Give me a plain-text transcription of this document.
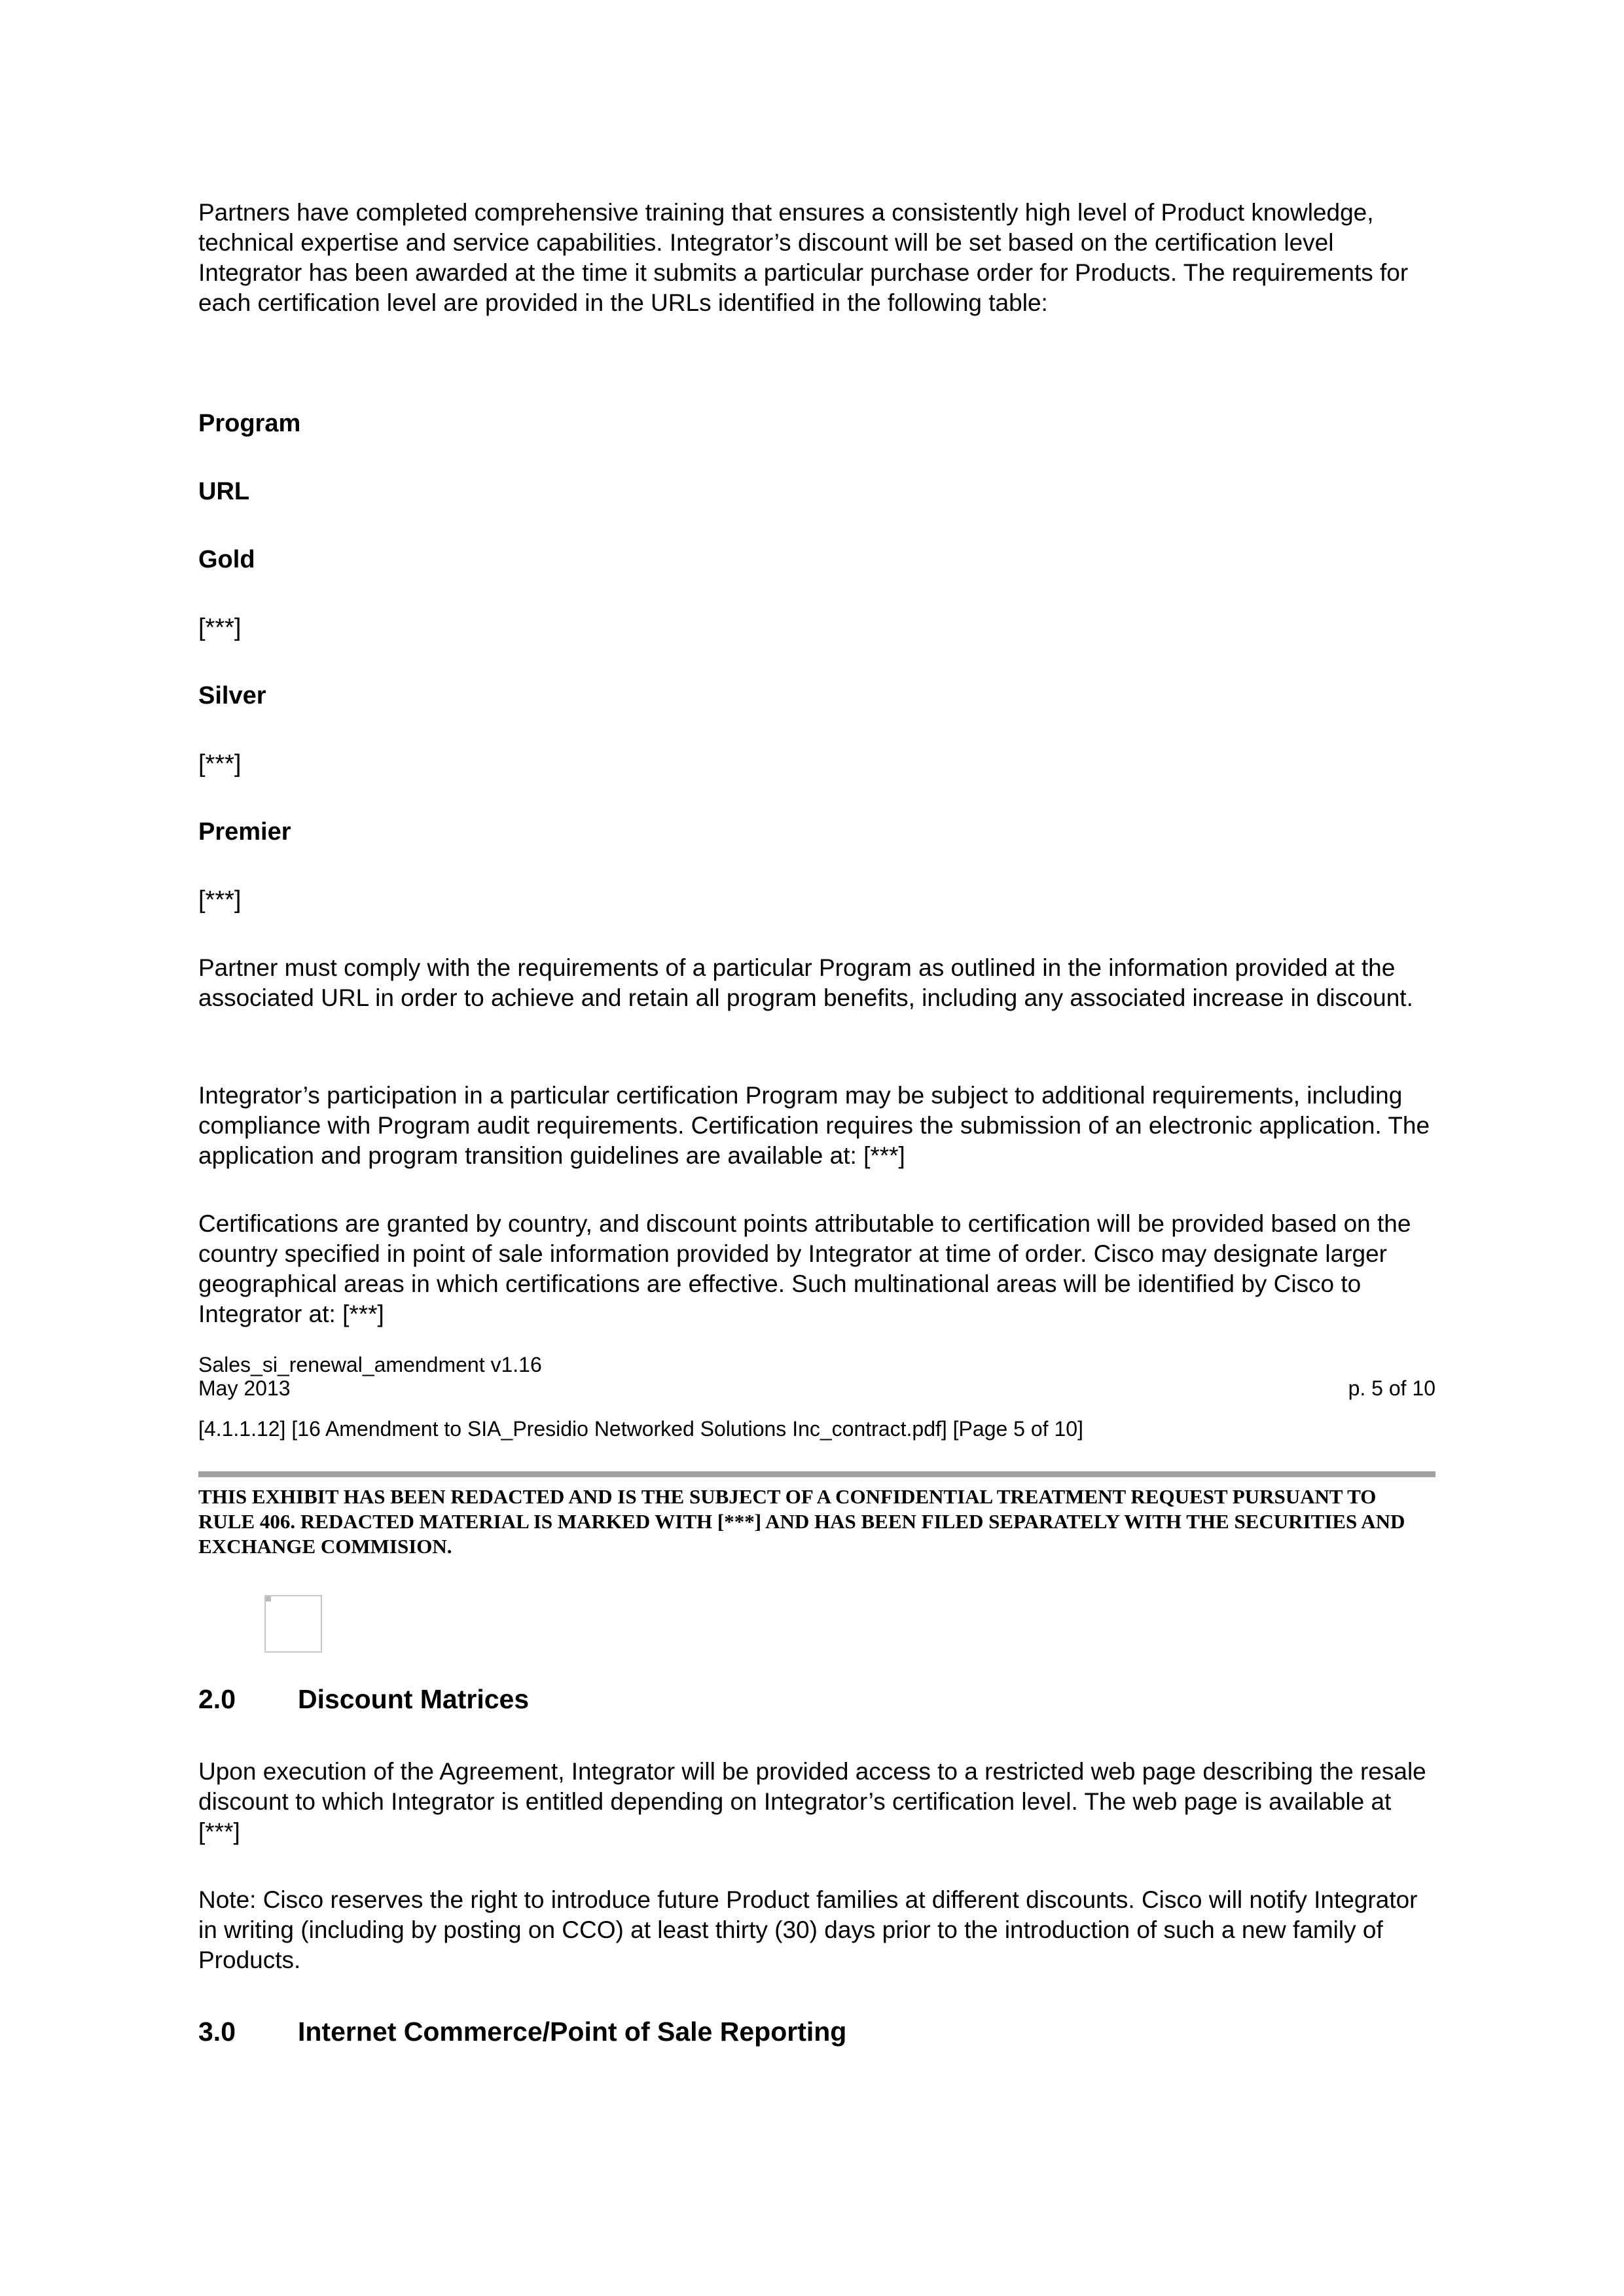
Partners have completed comprehensive training that ensures a consistently high level of Product knowledge, technical expertise and service capabilities. Integrator’s discount will be set based on the certification level Integrator has been awarded at the time it submits a particular purchase order for Products. The requirements for each certification level are provided in the URLs identified in the following table:

Program

URL

Gold

[***]

Silver

[***]

Premier

[***]

Partner must comply with the requirements of a particular Program as outlined in the information provided at the associated URL in order to achieve and retain all program benefits, including any associated increase in discount.

Integrator’s participation in a particular certification Program may be subject to additional requirements, including compliance with Program audit requirements. Certification requires the submission of an electronic application. The application and program transition guidelines are available at: [***]

Certifications are granted by country, and discount points attributable to certification will be provided based on the country specified in point of sale information provided by Integrator at time of order. Cisco may designate larger geographical areas in which certifications are effective. Such multinational areas will be identified by Cisco to Integrator at: [***]

Sales_si_renewal_amendment v1.16

May 2013	p. 5 of 10

[4.1.1.12] [16 Amendment to SIA_Presidio Networked Solutions Inc_contract.pdf] [Page 5 of 10]

THIS EXHIBIT HAS BEEN REDACTED AND IS THE SUBJECT OF A CONFIDENTIAL TREATMENT REQUEST PURSUANT TO RULE 406. REDACTED MATERIAL IS MARKED WITH [***] AND HAS BEEN FILED SEPARATELY WITH THE SECURITIES AND EXCHANGE COMMISION.

2.0 Discount Matrices

Upon execution of the Agreement, Integrator will be provided access to a restricted web page describing the resale discount to which Integrator is entitled depending on Integrator’s certification level. The web page is available at [***]

Note: Cisco reserves the right to introduce future Product families at different discounts. Cisco will notify Integrator in writing (including by posting on CCO) at least thirty (30) days prior to the introduction of such a new family of Products.

3.0 Internet Commerce/Point of Sale Reporting
